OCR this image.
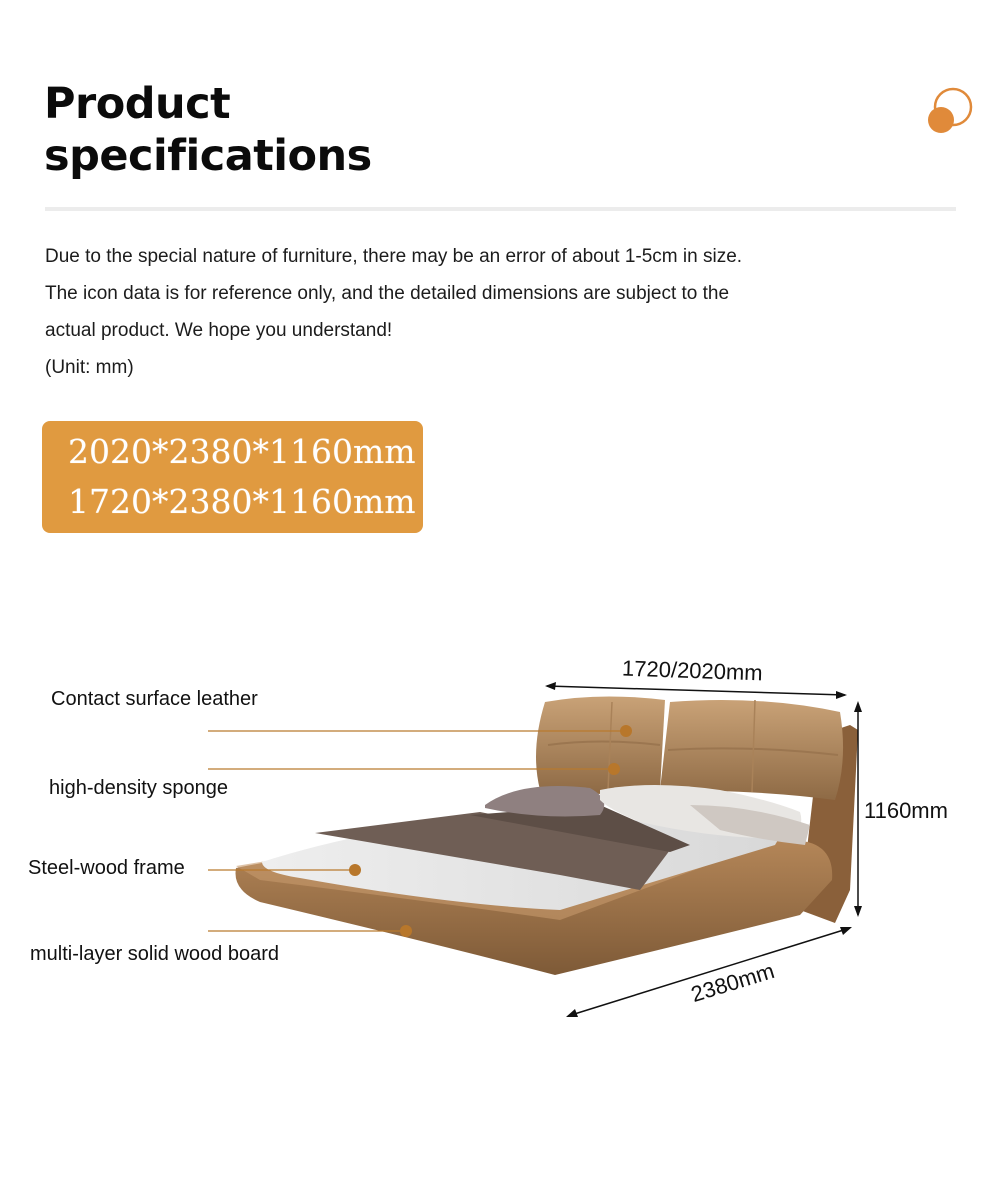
Product
specifications
Due to the special nature of furniture, there may be an error of about 1-5cm in size.
The icon data is for reference only, and the detailed dimensions are subject to the
actual product. We hope you understand!
(Unit: mm)
2020*2380*1160mm
1720*2380*1160mm
Contact surface leather
high-density sponge
Steel-wood frame
multi-layer solid wood board
1720/2020mm
1160mm
2380mm
